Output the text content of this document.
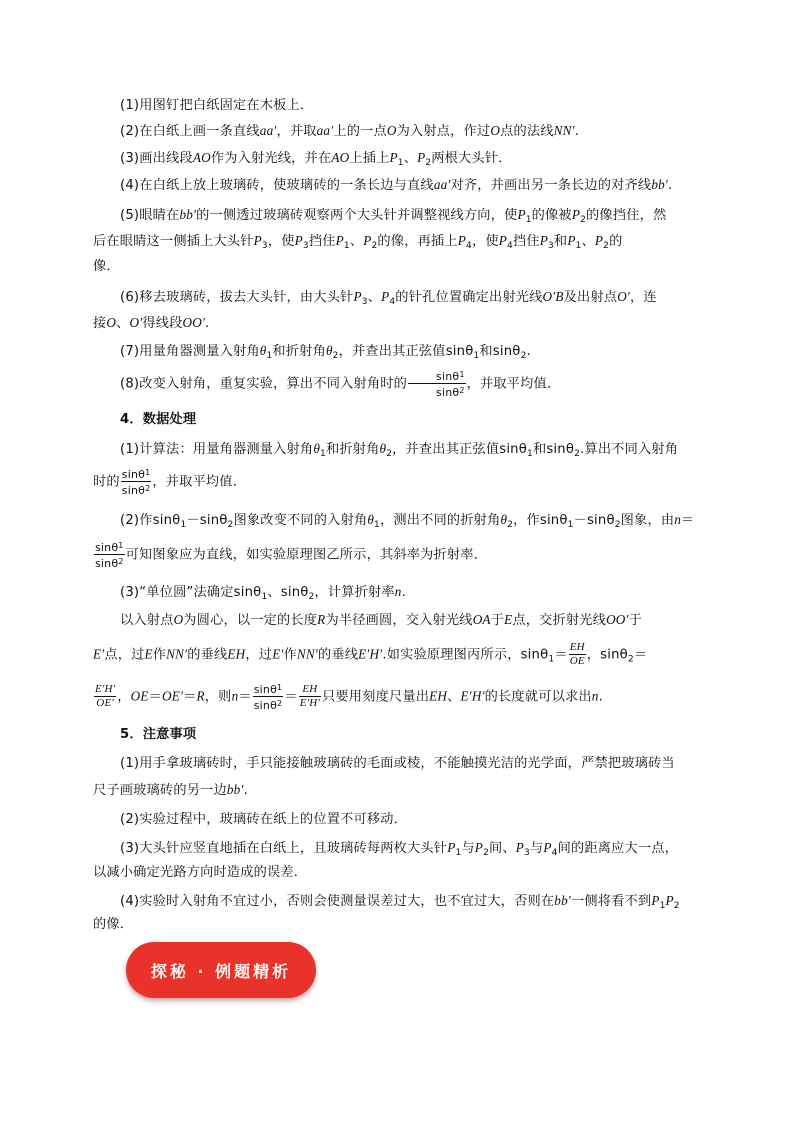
(1)用图钉把白纸固定在木板上．
(2)在白纸上画一条直线aa′，并取aa′上的一点O为入射点，作过O点的法线NN′.
(3)画出线段AO作为入射光线，并在AO上插上$P_1$、$P_2$两根大头针．
(4)在白纸上放上玻璃砖，使玻璃砖的一条长边与直线aa′对齐，并画出另一条长边的对齐线bb′.
(5)眼睛在bb′的一侧透过玻璃砖观察两个大头针并调整视线方向，使$P_1$的像被$P_2$的像挡住，然
后在眼睛这一侧插上大头针$P_3$，使$P_3$挡住$P_1$、$P_2$的像，再插上$P_4$，使$P_4$挡住$P_3$和$P_1$、$P_2$的
像．
(6)移去玻璃砖，拔去大头针，由大头针$P_3$、$P_4$的针孔位置确定出射光线O′B及出射点O′，连
接O、O′得线段OO′.
(7)用量角器测量入射角$\theta_1$和折射角$\theta_2$，并查出其正弦值sinθ$_1$和sinθ$_2$.
(8)改变入射角，重复实验，算出不同入射角时的 $\frac{\sin\theta^1}{\sin\theta^2}$ ，并取平均值．
4．数据处理
(1)计算法：用量角器测量入射角$\theta_1$和折射角$\theta_2$，并查出其正弦值sinθ$_1$和sinθ$_2$.算出不同入射角
时的 $\frac{\sin\theta^1}{\sin\theta^2}$ ，并取平均值．
(2)作sinθ$_1$－sinθ$_2$图象改变不同的入射角$\theta_1$，测出不同的折射角$\theta_2$，作sinθ$_1$－sinθ$_2$图象，由n＝
$\frac{\sin\theta^1}{\sin\theta^2}$ 可知图象应为直线，如实验原理图乙所示，其斜率为折射率．
(3)“单位圆”法确定sinθ$_1$、sinθ$_2$，计算折射率n.
以入射点O为圆心，以一定的长度R为半径画圆，交入射光线OA于E点，交折射光线OO′于
E′点，过E作NN′的垂线EH，过E′作NN′的垂线E′H′.如实验原理图丙所示，$\sin\theta_1= \frac{EH}{OE}$ ，sinθ$_2$＝
$\frac{E'H'}{OE'}$ ，OE＝OE′＝R，则$n= \frac{\sin\theta^1}{\sin\theta^2} = \frac{EH}{E'H'}$ 只要用刻度尺量出EH、E′H′的长度就可以求出n.
5．注意事项
(1)用手拿玻璃砖时，手只能接触玻璃砖的毛面或棱，不能触摸光洁的光学面，严禁把玻璃砖当
尺子画玻璃砖的另一边bb′.
(2)实验过程中，玻璃砖在纸上的位置不可移动．
(3)大头针应竖直地插在白纸上，且玻璃砖每两枚大头针$P_1$与$P_2$间、$P_3$与$P_4$间的距离应大一点，
以减小确定光路方向时造成的误差．
(4)实验时入射角不宜过小，否则会使测量误差过大，也不宜过大，否则在bb′一侧将看不到$P_1P_2$
的像．
探秘 · 例题精析
